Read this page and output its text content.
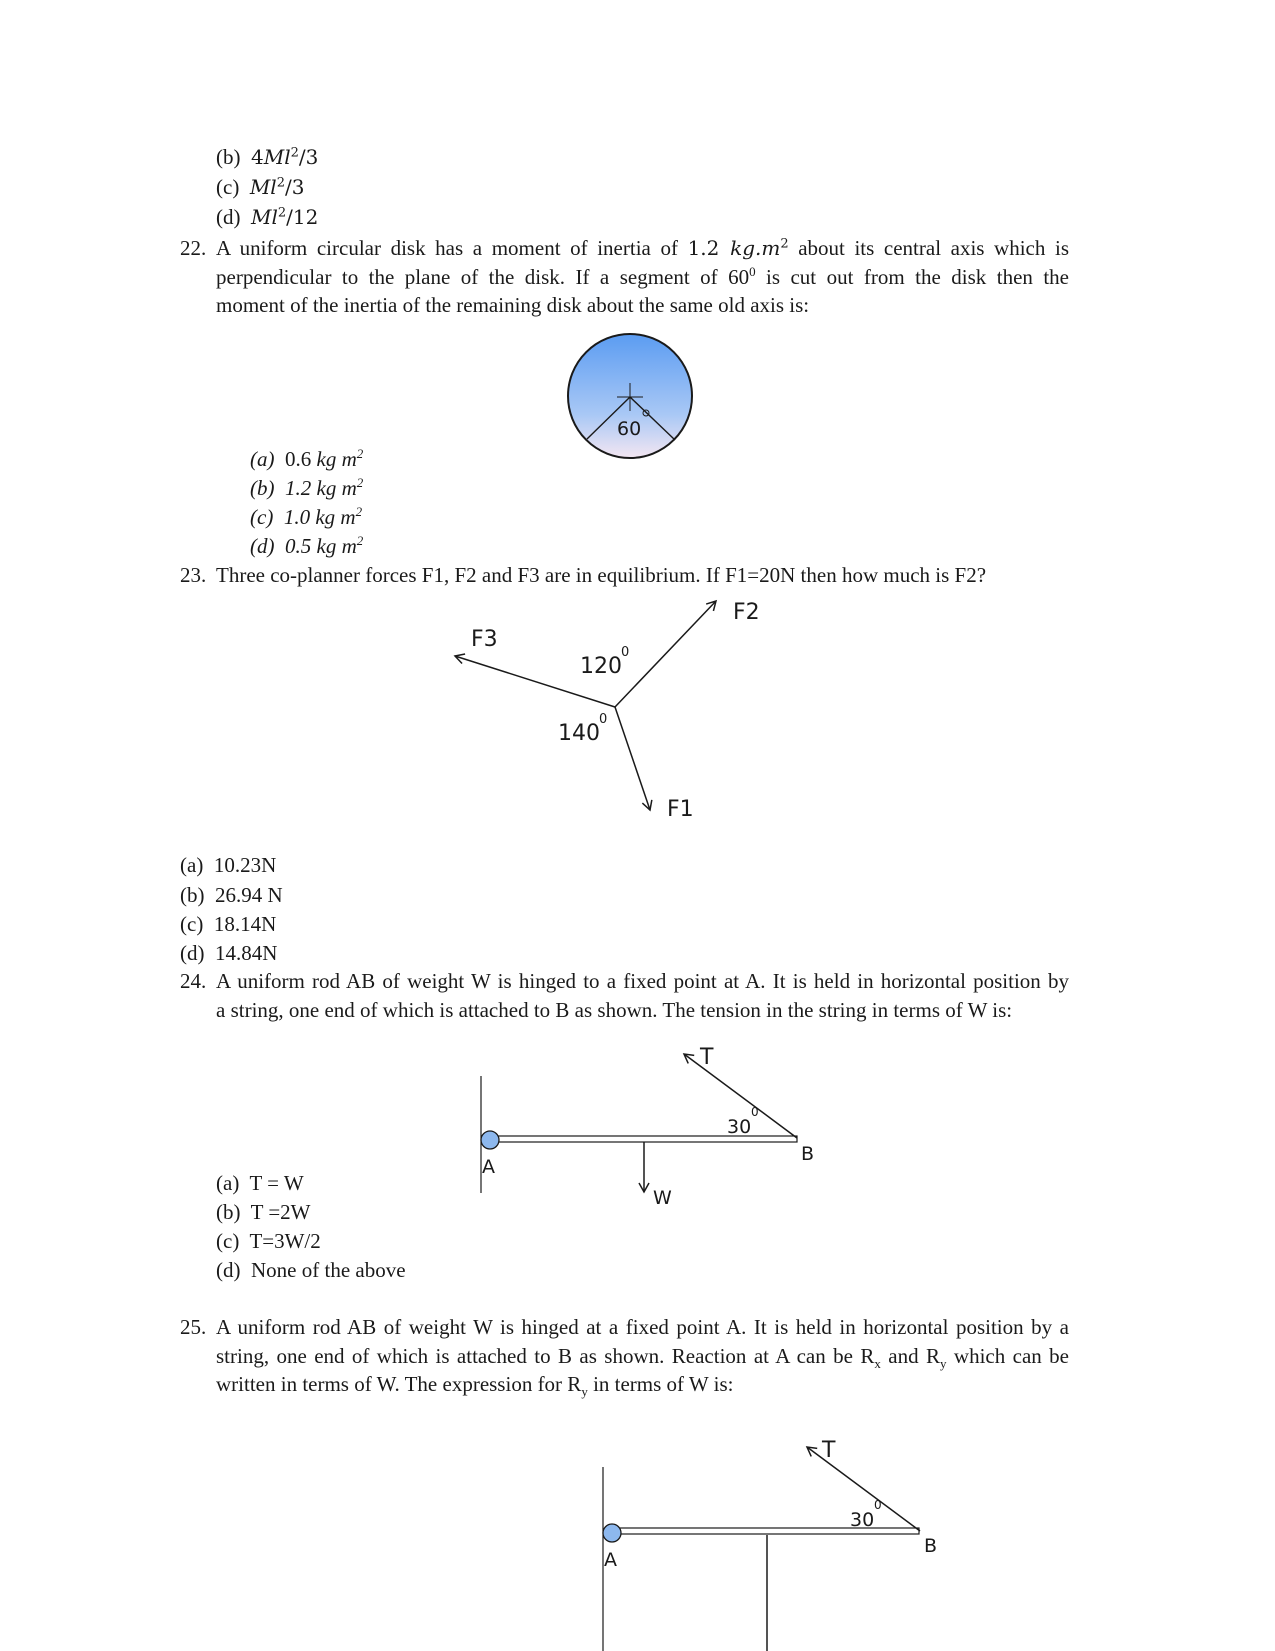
(b) 4Ml$^2$/3
(c) Ml$^2$/3
(d) Ml$^2$/12
22. A uniform circular disk has a moment of inertia of 1.2 $kg.m^2$ about its central axis which is
perpendicular to the plane of the disk. If a segment of $60^0$ is cut out from the disk then the
moment of the inertia of the remaining disk about the same old axis is:
60
F2
F3
F1
120
0
140
0
T
A
B
W
30
0
T
A
B
30
0
(a) 0.6 kg $m^2$
(b) 1.2 kg $m^2$
(c) 1.0 kg $m^2$
(d) 0.5 kg $m^2$
23. Three co-planner forces F1, F2 and F3 are in equilibrium. If F1=20N then how much is F2?
(a) 10.23N
(b) 26.94 N
(c) 18.14N
(d) 14.84N
24. A uniform rod AB of weight W is hinged to a fixed point at A. It is held in horizontal position by
a string, one end of which is attached to B as shown. The tension in the string in terms of W is:
(a) T = W
(b) T =2W
(c) T=3W/2
(d) None of the above
25. A uniform rod AB of weight W is hinged at a fixed point A. It is held in horizontal position by a
string, one end of which is attached to B as shown. Reaction at A can be $R_x$ and $R_y$ which can be
written in terms of W. The expression for $R_y$ in terms of W is:
